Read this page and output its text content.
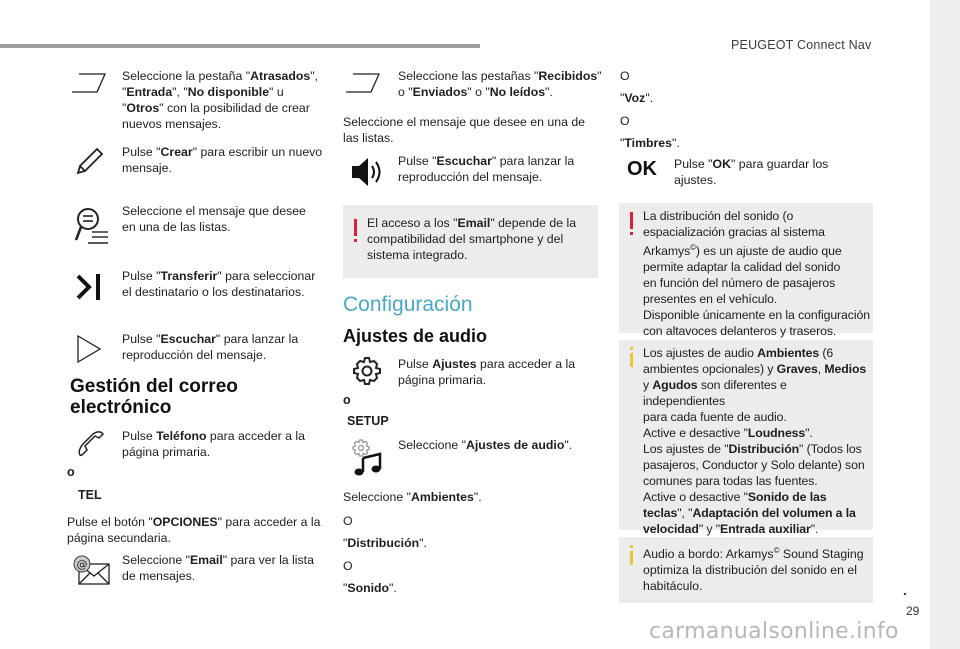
PEUGEOT Connect Nav
Seleccione la pestaña "Atrasados",
"Entrada", "No disponible" u
"Otros" con la posibilidad de crear
nuevos mensajes.
Pulse "Crear" para escribir un nuevo
mensaje.
Seleccione el mensaje que desee
en una de las listas.
Pulse "Transferir" para seleccionar
el destinatario o los destinatarios.
Pulse "Escuchar" para lanzar la
reproducción del mensaje.
Gestión del correo
electrónico
Pulse Teléfono para acceder a la
página primaria.
o
TEL
Pulse el botón "OPCIONES" para acceder a la
página secundaria.
@	Seleccione "Email" para ver la lista
de mensajes.
Seleccione las pestañas "Recibidos"
o "Enviados" o "No leídos".
Seleccione el mensaje que desee en una de
las listas.
Pulse "Escuchar" para lanzar la
reproducción del mensaje.
El acceso a los "Email" depende de la
compatibilidad del smartphone y del
sistema integrado.
Configuración
Ajustes de audio
Pulse Ajustes para acceder a la
página primaria.
o
SETUP
Seleccione "Ajustes de audio".
Seleccione "Ambientes".
O
"Distribución".
O
"Sonido".
O
"Voz".
O
"Timbres".
OK Pulse "OK" para guardar los ajustes.
La distribución del sonido (o
espacialización gracias al sistema
Arkamys©) es un ajuste de audio que
permite adaptar la calidad del sonido
en función del número de pasajeros
presentes en el vehículo.
Disponible únicamente en la configuración
con altavoces delanteros y traseros.
Los ajustes de audio Ambientes (6
ambientes opcionales) y Graves, Medios
y Agudos son diferentes e independientes
para cada fuente de audio.
Active e desactive "Loudness".
Los ajustes de "Distribución" (Todos los
pasajeros, Conductor y Solo delante) son
comunes para todas las fuentes.
Active o desactive "Sonido de las
teclas", "Adaptación del volumen a la
velocidad" y "Entrada auxiliar".
Audio a bordo: Arkamys© Sound Staging
optimiza la distribución del sonido en el
habitáculo.	.
29
carmanualsonline.info
